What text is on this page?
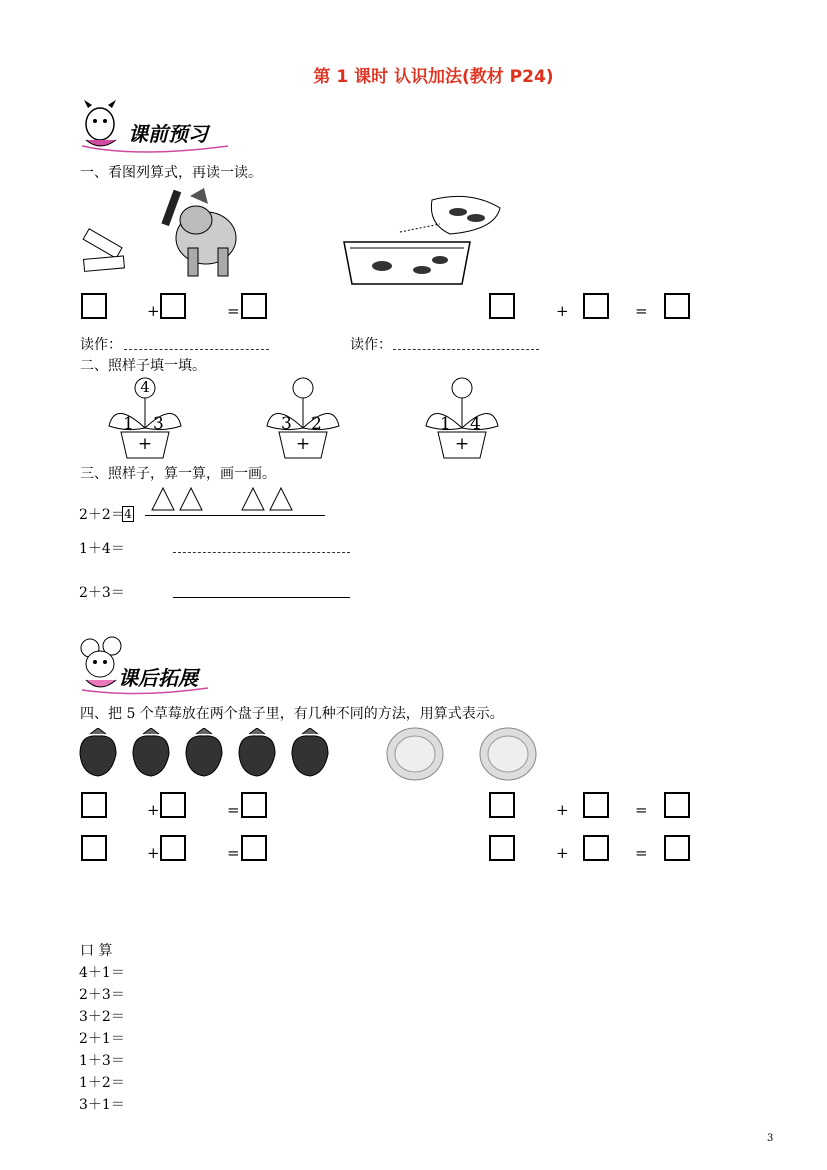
第 1 课时 认识加法(教材 P24)
课前预习
一、看图列算式，再读一读。
+	=	+	=
读作：	读作：
二、照样子填一填。
4
1 3
+
3 2
+
1 4
+
三、照样子，算一算，画一画。
2＋2＝ 4
1＋4＝
2＋3＝
课后拓展
四、把 5 个草莓放在两个盘子里，有几种不同的方法，用算式表示。
+	=	+	=
+	=	+	=
口 算
4＋1＝
2＋3＝
3＋2＝
2＋1＝
1＋3＝
1＋2＝
3＋1＝
3
